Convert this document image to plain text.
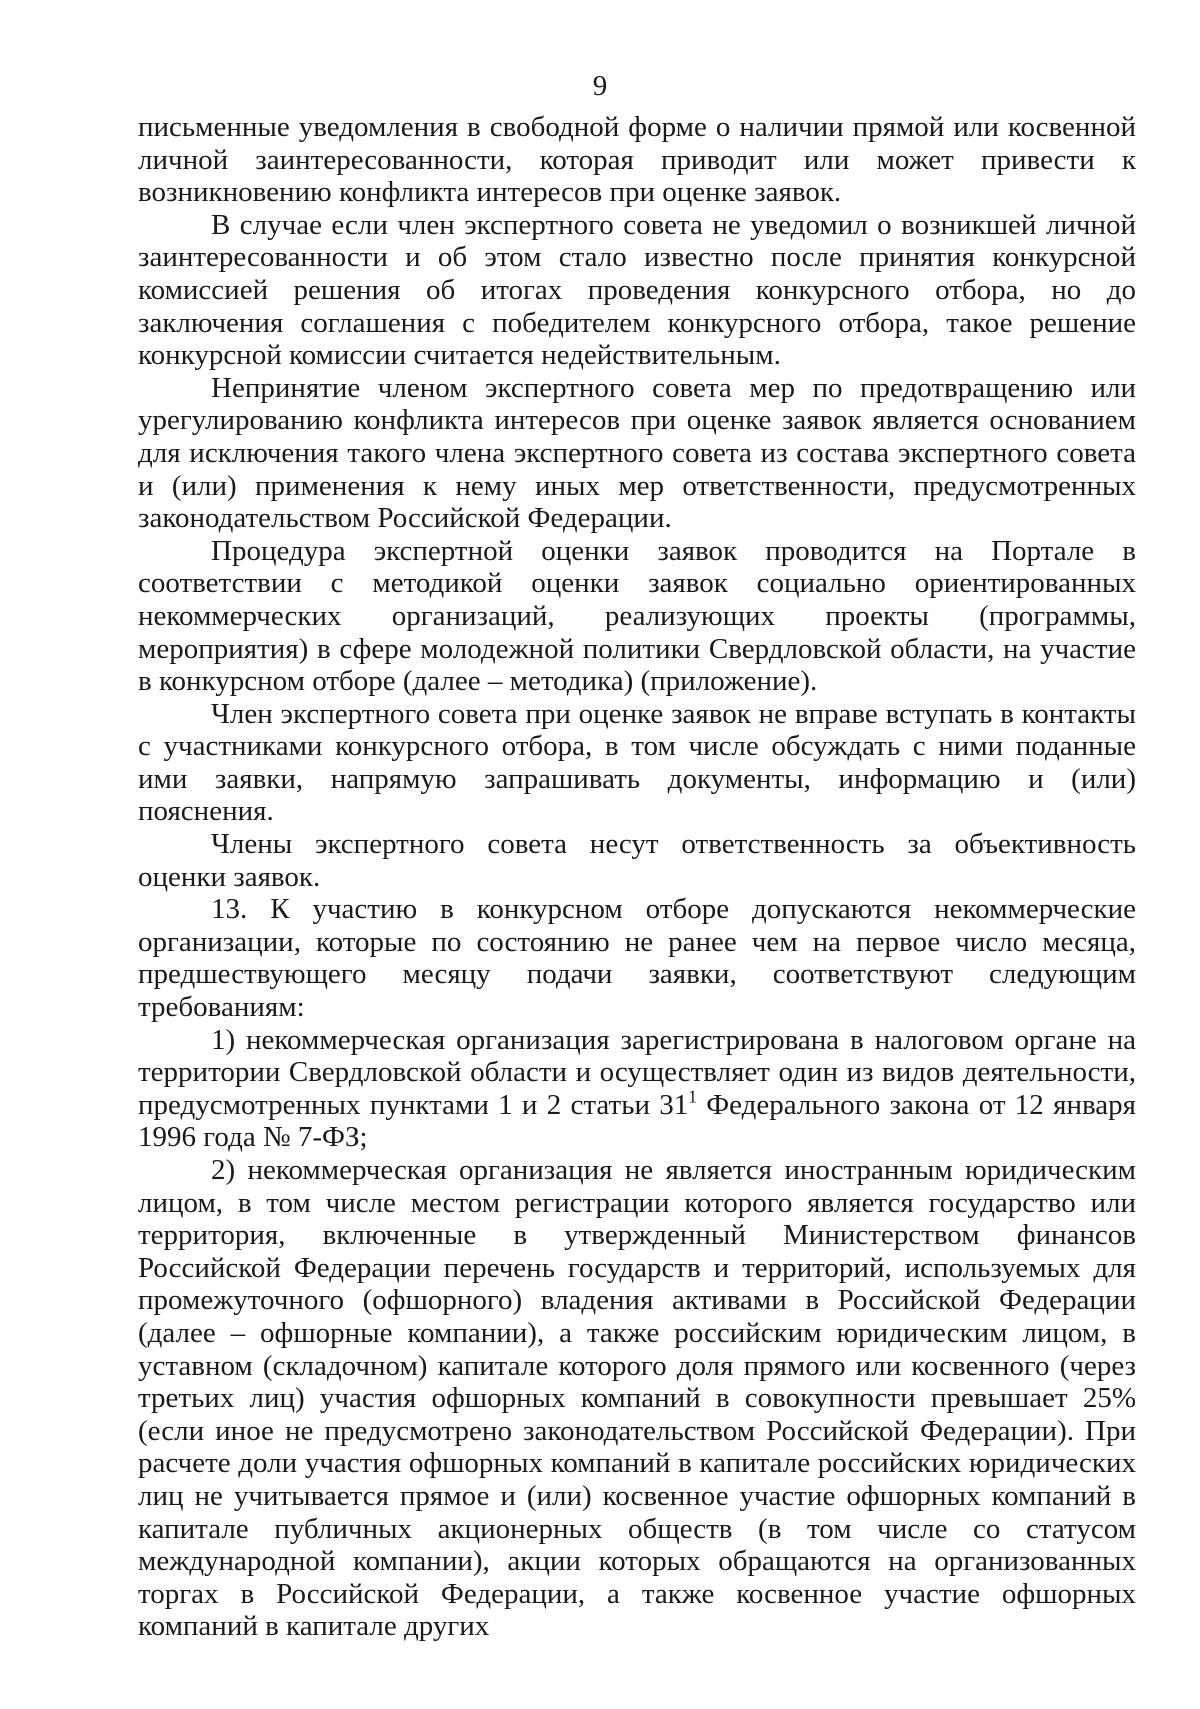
9

письменные уведомления в свободной форме о наличии прямой или косвенной личной заинтересованности, которая приводит или может привести к возникновению конфликта интересов при оценке заявок.

В случае если член экспертного совета не уведомил о возникшей личной заинтересованности и об этом стало известно после принятия конкурсной комиссией решения об итогах проведения конкурсного отбора, но до заключения соглашения с победителем конкурсного отбора, такое решение конкурсной комиссии считается недействительным.

Непринятие членом экспертного совета мер по предотвращению или урегулированию конфликта интересов при оценке заявок является основанием для исключения такого члена экспертного совета из состава экспертного совета и (или) применения к нему иных мер ответственности, предусмотренных законодательством Российской Федерации.

Процедура экспертной оценки заявок проводится на Портале в соответствии с методикой оценки заявок социально ориентированных некоммерческих организаций, реализующих проекты (программы, мероприятия) в сфере молодежной политики Свердловской области, на участие в конкурсном отборе (далее – методика) (приложение).

Член экспертного совета при оценке заявок не вправе вступать в контакты с участниками конкурсного отбора, в том числе обсуждать с ними поданные ими заявки, напрямую запрашивать документы, информацию и (или) пояснения.

Члены экспертного совета несут ответственность за объективность оценки заявок.

13. К участию в конкурсном отборе допускаются некоммерческие организации, которые по состоянию не ранее чем на первое число месяца, предшествующего месяцу подачи заявки, соответствуют следующим требованиям:

1) некоммерческая организация зарегистрирована в налоговом органе на территории Свердловской области и осуществляет один из видов деятельности, предусмотренных пунктами 1 и 2 статьи $31^1$ Федерального закона от 12 января 1996 года № 7-ФЗ;

2) некоммерческая организация не является иностранным юридическим лицом, в том числе местом регистрации которого является государство или территория, включенные в утвержденный Министерством финансов Российской Федерации перечень государств и территорий, используемых для промежуточного (офшорного) владения активами в Российской Федерации (далее – офшорные компании), а также российским юридическим лицом, в уставном (складочном) капитале которого доля прямого или косвенного (через третьих лиц) участия офшорных компаний в совокупности превышает 25% (если иное не предусмотрено законодательством Российской Федерации). При расчете доли участия офшорных компаний в капитале российских юридических лиц не учитывается прямое и (или) косвенное участие офшорных компаний в капитале публичных акционерных обществ (в том числе со статусом международной компании), акции которых обращаются на организованных торгах в Российской Федерации, а также косвенное участие офшорных компаний в капитале других
